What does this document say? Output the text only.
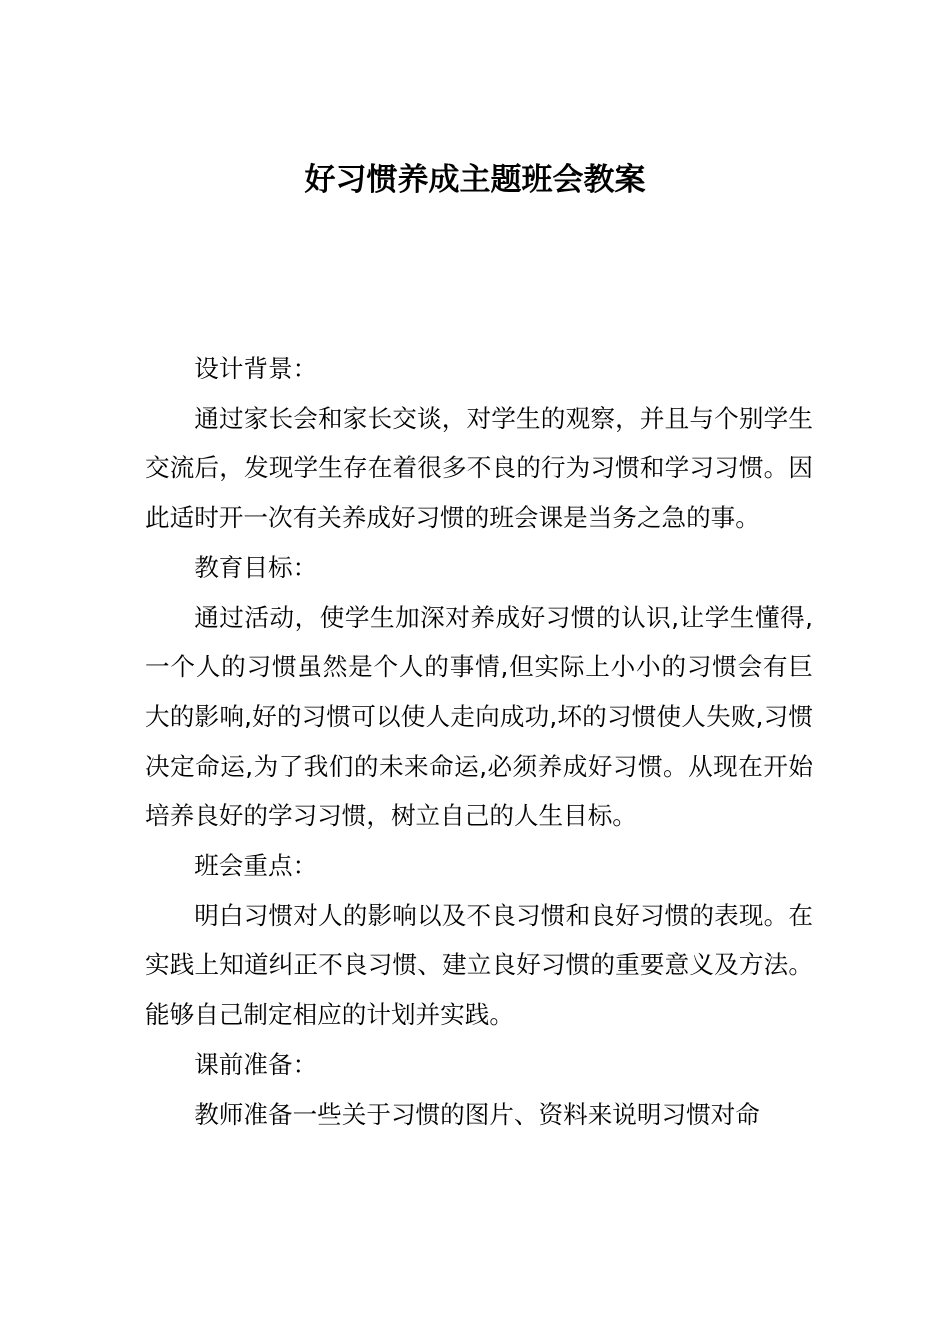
好习惯养成主题班会教案

设计背景：

通过家长会和家长交谈，对学生的观察，并且与个别学生交流后，发现学生存在着很多不良的行为习惯和学习习惯。因此适时开一次有关养成好习惯的班会课是当务之急的事。

教育目标：

通过活动，使学生加深对养成好习惯的认识,让学生懂得,一个人的习惯虽然是个人的事情,但实际上小小的习惯会有巨大的影响,好的习惯可以使人走向成功,坏的习惯使人失败,习惯决定命运,为了我们的未来命运,必须养成好习惯。从现在开始培养良好的学习习惯，树立自己的人生目标。

班会重点：

明白习惯对人的影响以及不良习惯和良好习惯的表现。在实践上知道纠正不良习惯、建立良好习惯的重要意义及方法。能够自己制定相应的计划并实践。

课前准备：

教师准备一些关于习惯的图片、资料来说明习惯对命
